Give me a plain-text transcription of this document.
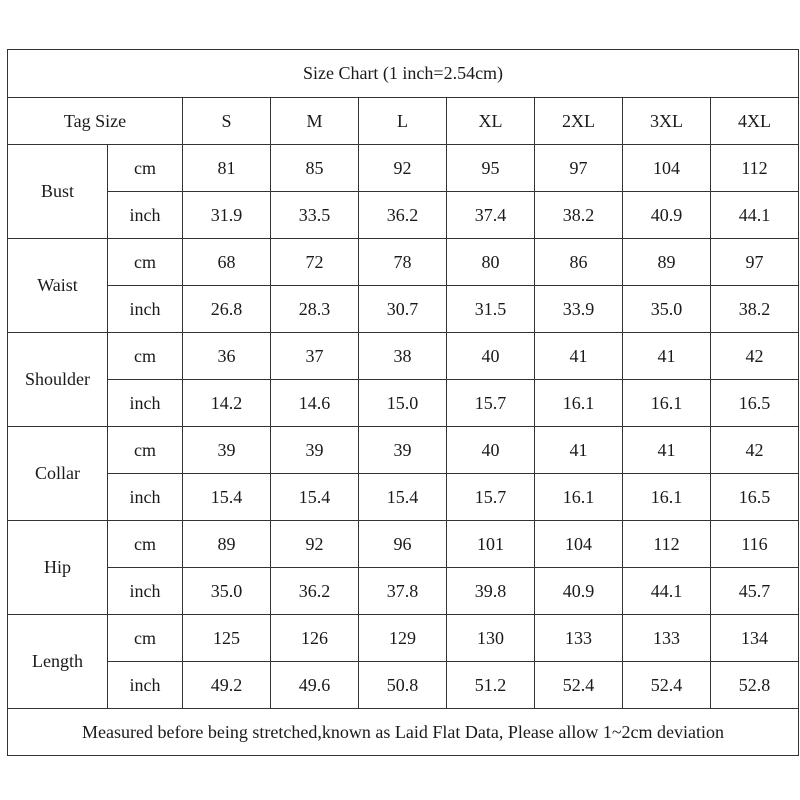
Size Chart (1 inch=2.54cm)								
Tag Size		S	M	L	XL	2XL	3XL	4XL
Bust	cm	81	85	92	95	97	104	112
	inch	31.9	33.5	36.2	37.4	38.2	40.9	44.1
Waist	cm	68	72	78	80	86	89	97
	inch	26.8	28.3	30.7	31.5	33.9	35.0	38.2
Shoulder	cm	36	37	38	40	41	41	42
	inch	14.2	14.6	15.0	15.7	16.1	16.1	16.5
Collar	cm	39	39	39	40	41	41	42
	inch	15.4	15.4	15.4	15.7	16.1	16.1	16.5
Hip	cm	89	92	96	101	104	112	116
	inch	35.0	36.2	37.8	39.8	40.9	44.1	45.7
Length	cm	125	126	129	130	133	133	134
	inch	49.2	49.6	50.8	51.2	52.4	52.4	52.8
Measured before being stretched,known as Laid Flat Data, Please allow 1~2cm deviation								
